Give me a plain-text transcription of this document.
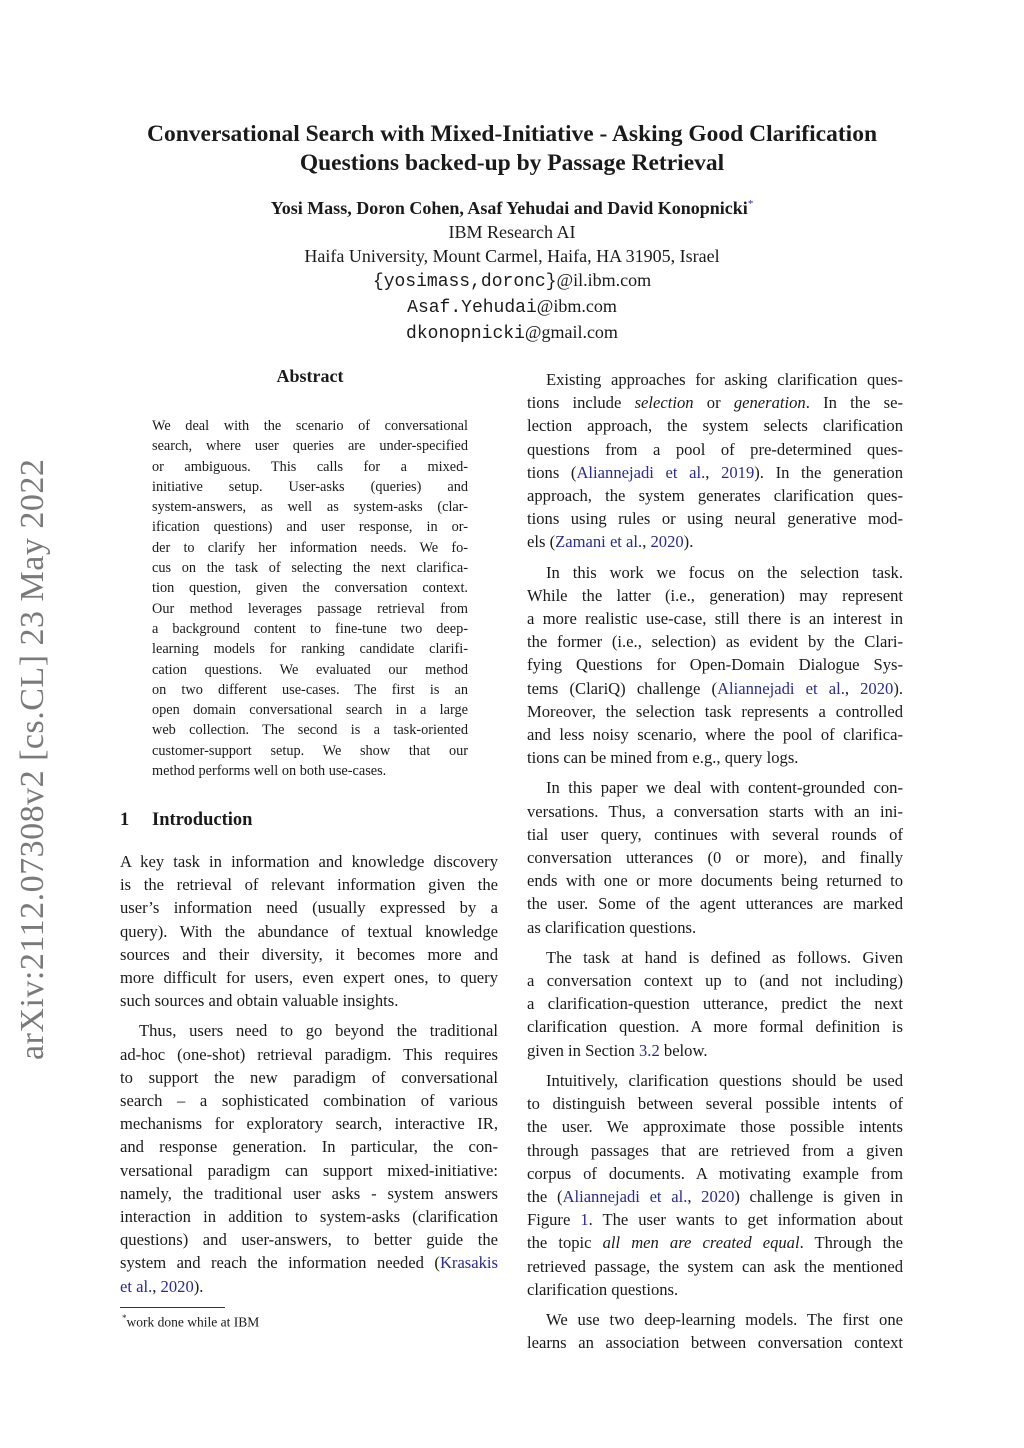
arXiv:2112.07308v2 [cs.CL] 23 May 2022
Conversational Search with Mixed-Initiative - Asking Good Clarification
Questions backed-up by Passage Retrieval
Yosi Mass, Doron Cohen, Asaf Yehudai and David Konopnicki*
IBM Research AI
Haifa University, Mount Carmel, Haifa, HA 31905, Israel
{yosimass,doronc}@il.ibm.com
Asaf.Yehudai@ibm.com
dkonopnicki@gmail.com
Abstract
We deal with the scenario of conversational
search, where user queries are under-specified
or ambiguous. This calls for a mixed-
initiative setup. User-asks (queries) and
system-answers, as well as system-asks (clar-
ification questions) and user response, in or-
der to clarify her information needs. We fo-
cus on the task of selecting the next clarifica-
tion question, given the conversation context.
Our method leverages passage retrieval from
a background content to fine-tune two deep-
learning models for ranking candidate clarifi-
cation questions. We evaluated our method
on two different use-cases. The first is an
open domain conversational search in a large
web collection. The second is a task-oriented
customer-support setup. We show that our
method performs well on both use-cases.
1 Introduction
A key task in information and knowledge discovery
is the retrieval of relevant information given the
user’s information need (usually expressed by a
query). With the abundance of textual knowledge
sources and their diversity, it becomes more and
more difficult for users, even expert ones, to query
such sources and obtain valuable insights.
Thus, users need to go beyond the traditional
ad-hoc (one-shot) retrieval paradigm. This requires
to support the new paradigm of conversational
search – a sophisticated combination of various
mechanisms for exploratory search, interactive IR,
and response generation. In particular, the con-
versational paradigm can support mixed-initiative:
namely, the traditional user asks - system answers
interaction in addition to system-asks (clarification
questions) and user-answers, to better guide the
system and reach the information needed (Krasakis
et al., 2020).
*work done while at IBM
Existing approaches for asking clarification ques-
tions include selection or generation. In the se-
lection approach, the system selects clarification
questions from a pool of pre-determined ques-
tions (Aliannejadi et al., 2019). In the generation
approach, the system generates clarification ques-
tions using rules or using neural generative mod-
els (Zamani et al., 2020).
In this work we focus on the selection task.
While the latter (i.e., generation) may represent
a more realistic use-case, still there is an interest in
the former (i.e., selection) as evident by the Clari-
fying Questions for Open-Domain Dialogue Sys-
tems (ClariQ) challenge (Aliannejadi et al., 2020).
Moreover, the selection task represents a controlled
and less noisy scenario, where the pool of clarifica-
tions can be mined from e.g., query logs.
In this paper we deal with content-grounded con-
versations. Thus, a conversation starts with an ini-
tial user query, continues with several rounds of
conversation utterances (0 or more), and finally
ends with one or more documents being returned to
the user. Some of the agent utterances are marked
as clarification questions.
The task at hand is defined as follows. Given
a conversation context up to (and not including)
a clarification-question utterance, predict the next
clarification question. A more formal definition is
given in Section 3.2 below.
Intuitively, clarification questions should be used
to distinguish between several possible intents of
the user. We approximate those possible intents
through passages that are retrieved from a given
corpus of documents. A motivating example from
the (Aliannejadi et al., 2020) challenge is given in
Figure 1. The user wants to get information about
the topic all men are created equal. Through the
retrieved passage, the system can ask the mentioned
clarification questions.
We use two deep-learning models. The first one
learns an association between conversation context
